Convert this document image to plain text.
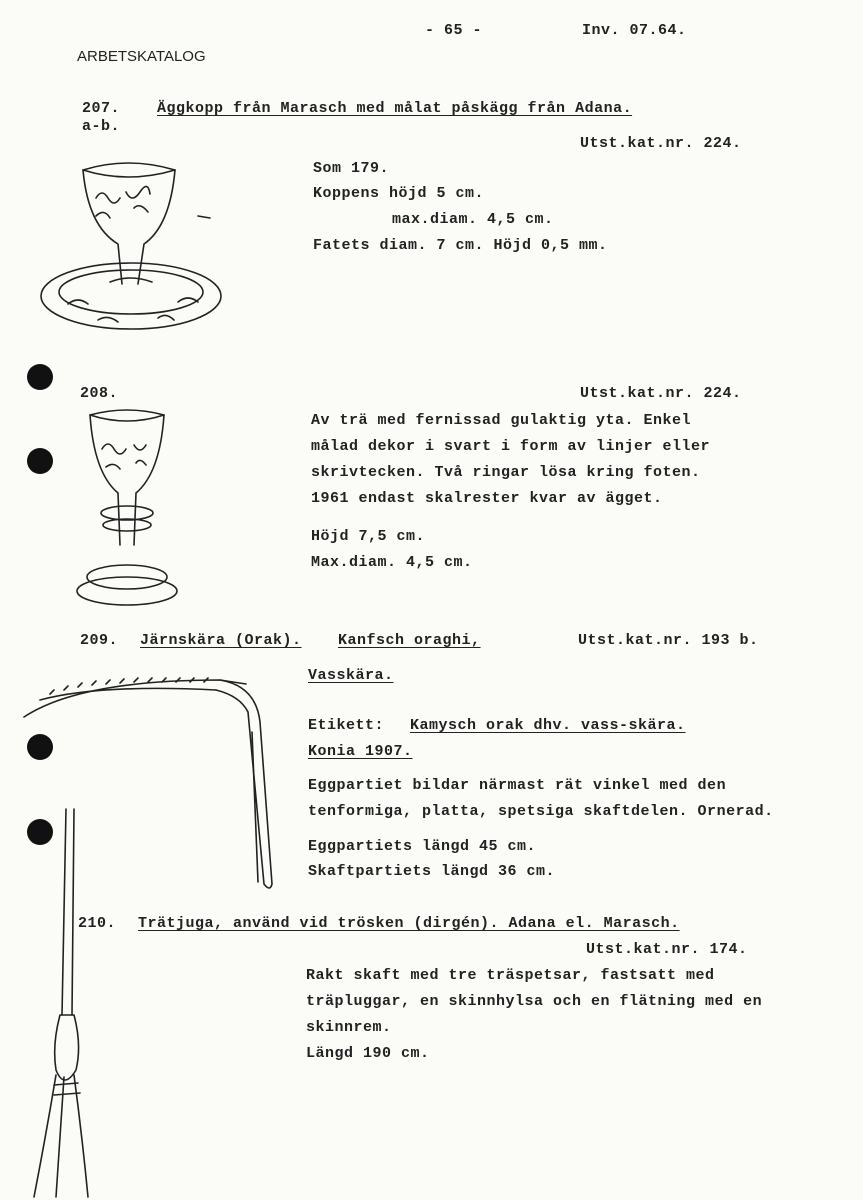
- 65 -	Inv. 07.64.
ARBETSKATALOG
207.
a-b.
Äggkopp från Marasch med målat påskägg från Adana.
Utst.kat.nr. 224.
Som 179.
Koppens höjd 5 cm.
max.diam. 4,5 cm.
Fatets diam. 7 cm. Höjd 0,5 mm.
208.	Utst.kat.nr. 224.
Av trä med fernissad gulaktig yta. Enkel
målad dekor i svart i form av linjer eller
skrivtecken. Två ringar lösa kring foten.
1961 endast skalrester kvar av ägget.
Höjd 7,5 cm.
Max.diam. 4,5 cm.
209. Järnskära (Orak). Kanfsch oraghi,	Utst.kat.nr. 193 b.
Vasskära.
Etikett: Kamysch orak dhv. vass-skära.
Konia 1907.
Eggpartiet bildar närmast rät vinkel med den
tenformiga, platta, spetsiga skaftdelen. Ornerad.
Eggpartiets längd 45 cm.
Skaftpartiets längd 36 cm.
210. Trätjuga, använd vid trösken (dirgén). Adana el. Marasch.
Utst.kat.nr. 174.
Rakt skaft med tre träspetsar, fastsatt med
träpluggar, en skinnhylsa och en flätning med en
skinnrem.
Längd 190 cm.
